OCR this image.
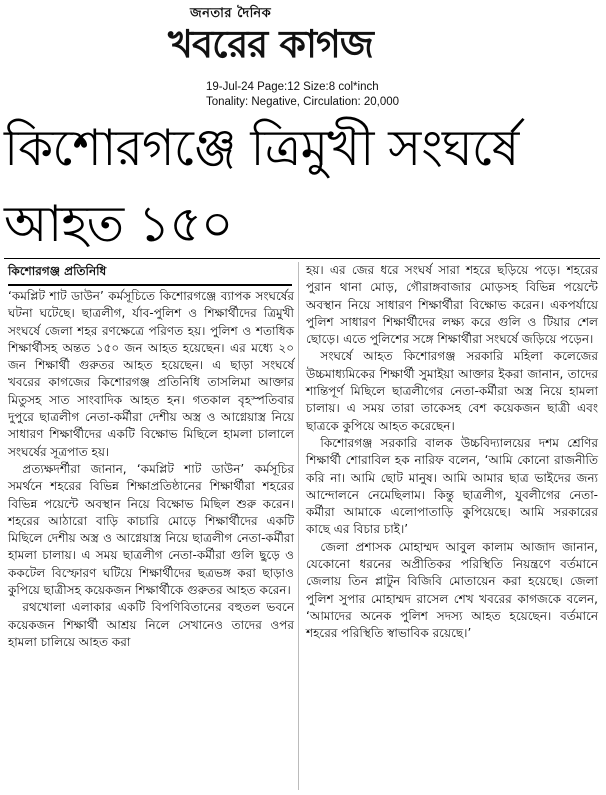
জনতার দৈনিক
খবরের কাগজ
19-Jul-24 Page:12 Size:8 col*inch
Tonality: Negative, Circulation: 20,000
কিশোরগঞ্জে ত্রিমুখী সংঘর্ষে
আহত ১৫০
কিশোরগঞ্জ প্রতিনিধি

‘কমপ্লিট শাট ডাউন’ কর্মসূচিতে কিশোরগঞ্জে ব্যাপক সংঘর্ষের ঘটনা ঘটেছে। ছাত্রলীগ, র্যাব-পুলিশ ও শিক্ষার্থীদের ত্রিমুখী সংঘর্ষে জেলা শহর রণক্ষেত্রে পরিণত হয়। পুলিশ ও শতাধিক শিক্ষার্থীসহ অন্তত ১৫০ জন আহত হয়েছেন। এর মধ্যে ২০ জন শিক্ষার্থী গুরুতর আহত হয়েছেন। এ ছাড়া সংঘর্ষে খবরের কাগজের কিশোরগঞ্জ প্রতিনিধি তাসলিমা আক্তার মিতুসহ সাত সাংবাদিক আহত হন। গতকাল বৃহস্পতিবার দুপুরে ছাত্রলীগ নেতা-কর্মীরা দেশীয় অস্ত্র ও আগ্নেয়াস্ত্র নিয়ে সাধারণ শিক্ষার্থীদের একটি বিক্ষোভ মিছিলে হামলা চালালে সংঘর্ষের সূত্রপাত হয়।

প্রত্যক্ষদর্শীরা জানান, ‘কমপ্লিট শাট ডাউন’ কর্মসূচির সমর্থনে শহরের বিভিন্ন শিক্ষাপ্রতিষ্ঠানের শিক্ষার্থীরা শহরের বিভিন্ন পয়েন্টে অবস্থান নিয়ে বিক্ষোভ মিছিল শুরু করেন। শহরের আঠারো বাড়ি কাচারি মোড়ে শিক্ষার্থীদের একটি মিছিলে দেশীয় অস্ত্র ও আগ্নেয়াস্ত্র নিয়ে ছাত্রলীগ নেতা-কর্মীরা হামলা চালায়। এ সময় ছাত্রলীগ নেতা-কর্মীরা গুলি ছুড়ে ও ককটেল বিস্ফোরণ ঘটিয়ে শিক্ষার্থীদের ছত্রভঙ্গ করা ছাড়াও কুপিয়ে ছাত্রীসহ কয়েকজন শিক্ষার্থীকে গুরুতর আহত করেন।

রথখোলা এলাকার একটি বিপণিবিতানের বহুতল ভবনে কয়েকজন শিক্ষার্থী আশ্রয় নিলে সেখানেও তাদের ওপর হামলা চালিয়ে আহত করা

হয়। এর জের ধরে সংঘর্ষ সারা শহরে ছড়িয়ে পড়ে। শহরের পুরান থানা মোড়, গৌরাঙ্গবাজার মোড়সহ বিভিন্ন পয়েন্টে অবস্থান নিয়ে সাধারণ শিক্ষার্থীরা বিক্ষোভ করেন। একপর্যায়ে পুলিশ সাধারণ শিক্ষার্থীদের লক্ষ্য করে গুলি ও টিয়ার শেল ছোড়ে। এতে পুলিশের সঙ্গে শিক্ষার্থীরা সংঘর্ষে জড়িয়ে পড়েন।

সংঘর্ষে আহত কিশোরগঞ্জ সরকারি মহিলা কলেজের উচ্চমাধ্যমিকের শিক্ষার্থী সুমাইয়া আক্তার ইকরা জানান, তাদের শান্তিপূর্ণ মিছিলে ছাত্রলীগের নেতা-কর্মীরা অস্ত্র নিয়ে হামলা চালায়। এ সময় তারা তাকেসহ বেশ কয়েকজন ছাত্রী এবং ছাত্রকে কুপিয়ে আহত করেছেন।

কিশোরগঞ্জ সরকারি বালক উচ্চবিদ্যালয়ের দশম শ্রেণির শিক্ষার্থী শোরাবিল হক নারিফ বলেন, ‘আমি কোনো রাজনীতি করি না। আমি ছোট মানুষ। আমি আমার ছাত্র ভাইদের জন্য আন্দোলনে নেমেছিলাম। কিন্তু ছাত্রলীগ, যুবলীগের নেতা-কর্মীরা আমাকে এলোপাতাড়ি কুপিয়েছে। আমি সরকারের কাছে এর বিচার চাই।’

জেলা প্রশাসক মোহাম্মদ আবুল কালাম আজাদ জানান, যেকোনো ধরনের অপ্রীতিকর পরিস্থিতি নিয়ন্ত্রণে বর্তমানে জেলায় তিন প্লাটুন বিজিবি মোতায়েন করা হয়েছে। জেলা পুলিশ সুপার মোহাম্মদ রাসেল শেখ খবরের কাগজকে বলেন, ‘আমাদের অনেক পুলিশ সদস্য আহত হয়েছেন। বর্তমানে শহরের পরিস্থিতি স্বাভাবিক রয়েছে।’
